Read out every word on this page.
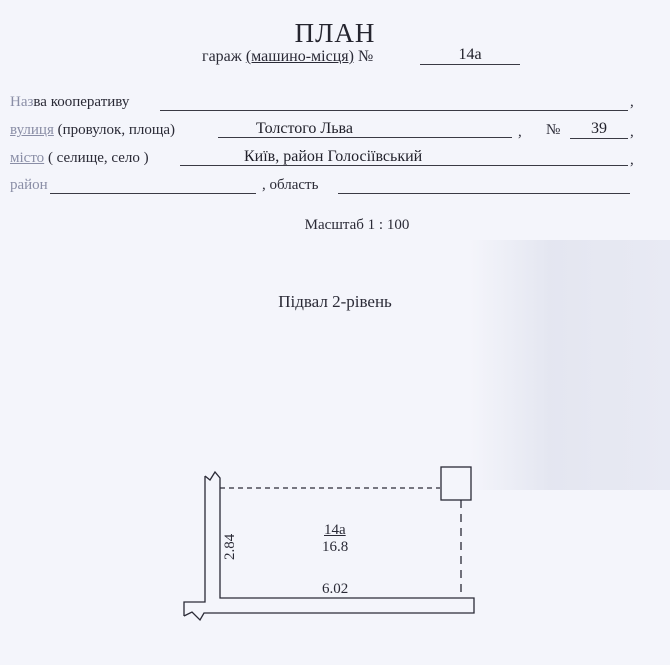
ПЛАН
гараж (машино-місця) №	14а
Назва кооперативу	,
вулиця (провулок, площа)	Толстого Льва	, №	39	,
місто ( селище, село )	Київ, район Голосіївський	,
район	, область
Масштаб 1 : 100
Підвал 2-рівень
14а
16.8
2.84
6.02
